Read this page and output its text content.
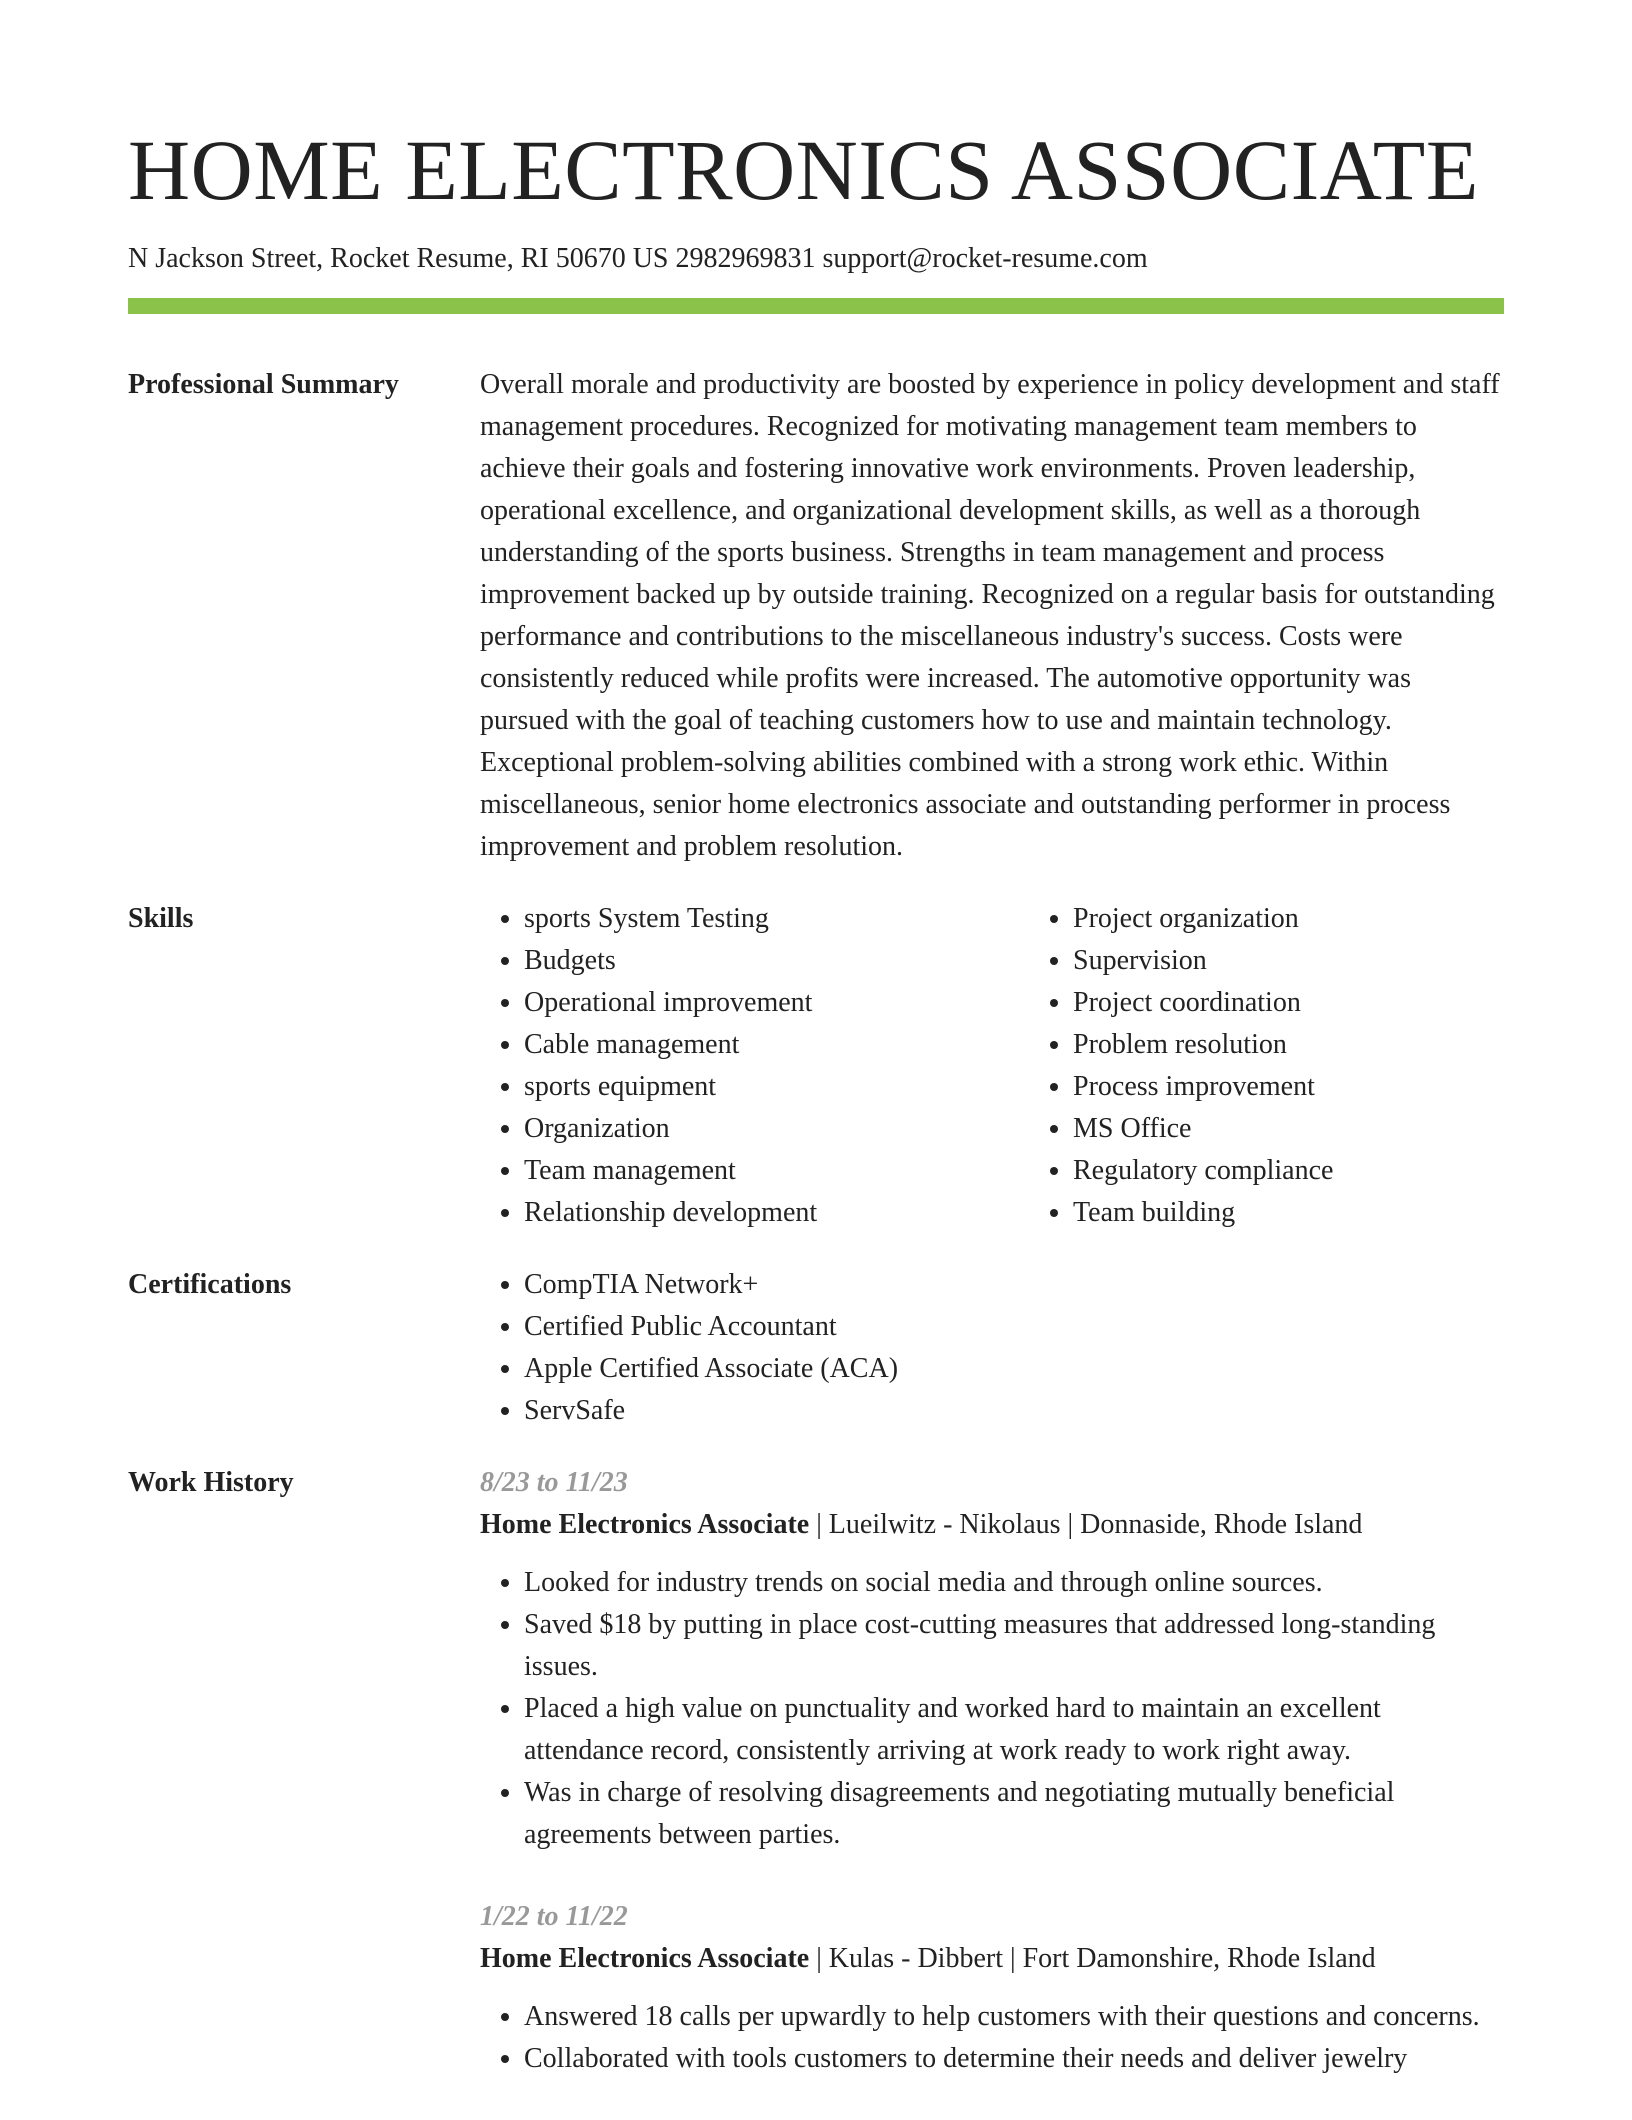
HOME ELECTRONICS ASSOCIATE
N Jackson Street, Rocket Resume, RI 50670 US 2982969831 support@rocket-resume.com
Professional Summary	Overall morale and productivity are boosted by experience in policy development and staff management procedures. Recognized for motivating management team members to achieve their goals and fostering innovative work environments. Proven leadership, operational excellence, and organizational development skills, as well as a thorough understanding of the sports business. Strengths in team management and process improvement backed up by outside training. Recognized on a regular basis for outstanding performance and contributions to the miscellaneous industry's success. Costs were consistently reduced while profits were increased. The automotive opportunity was pursued with the goal of teaching customers how to use and maintain technology. Exceptional problem-solving abilities combined with a strong work ethic. Within miscellaneous, senior home electronics associate and outstanding performer in process improvement and problem resolution.

Skills	• sports System Testing
• Budgets
• Operational improvement
• Cable management
• sports equipment
• Organization
• Team management
• Relationship development
• Project organization
• Supervision
• Project coordination
• Problem resolution
• Process improvement
• MS Office
• Regulatory compliance
• Team building
Certifications	• CompTIA Network+
• Certified Public Accountant
• Apple Certified Associate (ACA)
• ServSafe
Work History	8/23 to 11/23
Home Electronics Associate | Lueilwitz - Nikolaus | Donnaside, Rhode Island
• Looked for industry trends on social media and through online sources.
• Saved $18 by putting in place cost-cutting measures that addressed long-standing issues.
• Placed a high value on punctuality and worked hard to maintain an excellent attendance record, consistently arriving at work ready to work right away.
• Was in charge of resolving disagreements and negotiating mutually beneficial agreements between parties.
1/22 to 11/22
Home Electronics Associate | Kulas - Dibbert | Fort Damonshire, Rhode Island
• Answered 18 calls per upwardly to help customers with their questions and concerns.
• Collaborated with tools customers to determine their needs and deliver jewelry
